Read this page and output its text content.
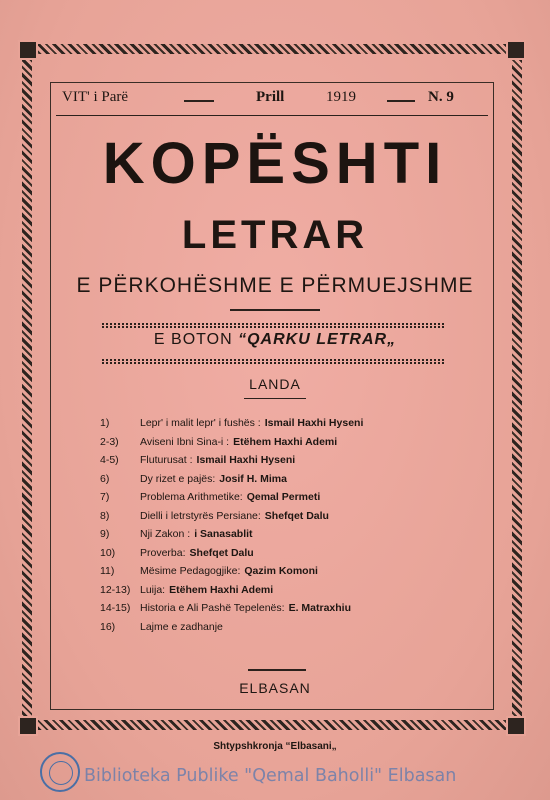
VIT' i Parë	Prill	1919	N. 9
KOPËSHTI
LETRAR
E PËRKOHËSHME E PËRMUEJSHME
E BOTON “QARKU LETRAR„
LANDA
1)	Lepr' i malit lepr' i fushës : Ismail Haxhi Hyseni
2-3)	Aviseni Ibni Sina-i : Etëhem Haxhi Ademi
4-5)	Fluturusat : Ismail Haxhi Hyseni
6)	Dy rizet e pajës: Josif H. Mima
7)	Problema Arithmetike: Qemal Permeti
8)	Dielli i letrstyrës Persiane: Shefqet Dalu
9)	Nji Zakon : i Sanasablit
10)	Proverba: Shefqet Dalu
11)	Mësime Pedagogjike: Qazim Komoni
12-13) Luija: Etëhem Haxhi Ademi
14-15) Historia e Ali Pashë Tepelenës: E. Matraxhiu
16)	Lajme e zadhanje
ELBASAN
Shtypshkronja “Elbasani„
Biblioteka Publike "Qemal Baholli" Elbasan
